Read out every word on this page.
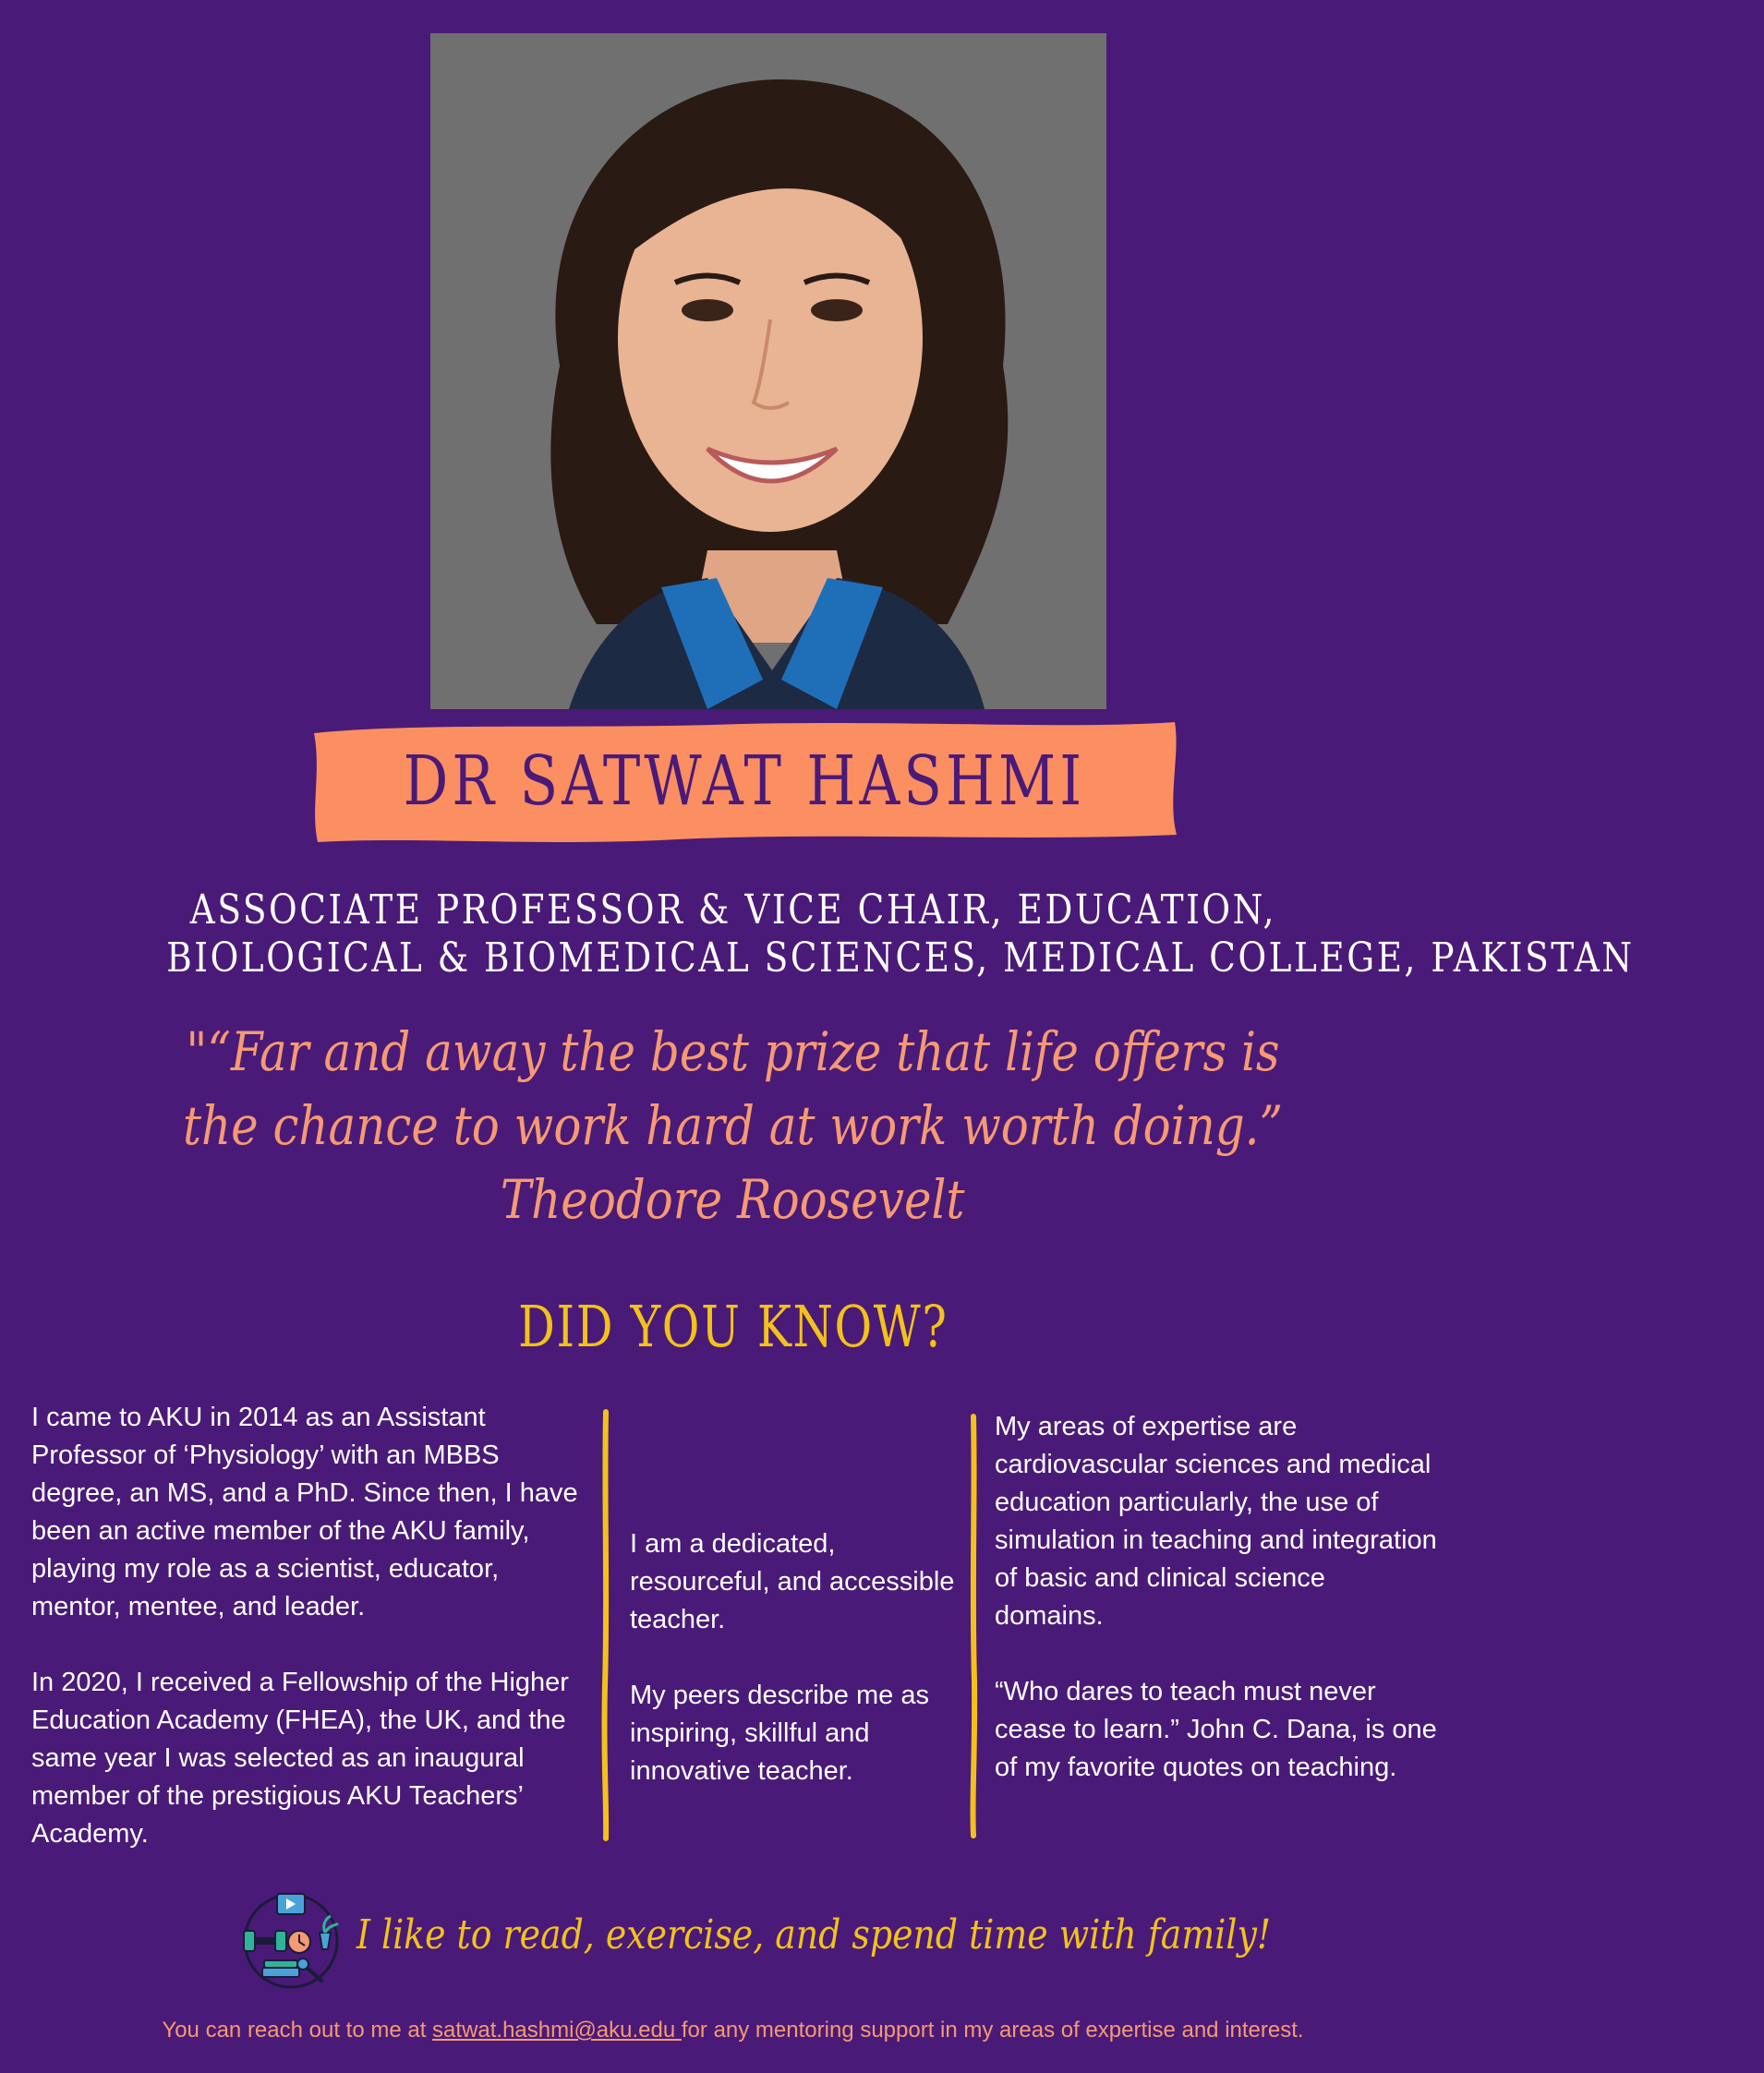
DR SATWAT HASHMI
ASSOCIATE PROFESSOR & VICE CHAIR, EDUCATION,
BIOLOGICAL & BIOMEDICAL SCIENCES, MEDICAL COLLEGE, PAKISTAN
"“Far and away the best prize that life offers is
the chance to work hard at work worth doing.”
Theodore Roosevelt
DID YOU KNOW?

I came to AKU in 2014 as an Assistant Professor of ‘Physiology’ with an MBBS degree, an MS, and a PhD. Since then, I have been an active member of the AKU family, playing my role as a scientist, educator, mentor, mentee, and leader.

In 2020, I received a Fellowship of the Higher Education Academy (FHEA), the UK, and the same year I was selected as an inaugural member of the prestigious AKU Teachers’ Academy.

I am a dedicated, resourceful, and accessible teacher.

My peers describe me as inspiring, skillful and innovative teacher.

My areas of expertise are cardiovascular sciences and medical education particularly, the use of simulation in teaching and integration of basic and clinical science domains.

“Who dares to teach must never cease to learn.” John C. Dana, is one of my favorite quotes on teaching.

I like to read, exercise, and spend time with family!
You can reach out to me at satwat.hashmi@aku.edu for any mentoring support in my areas of expertise and interest.
